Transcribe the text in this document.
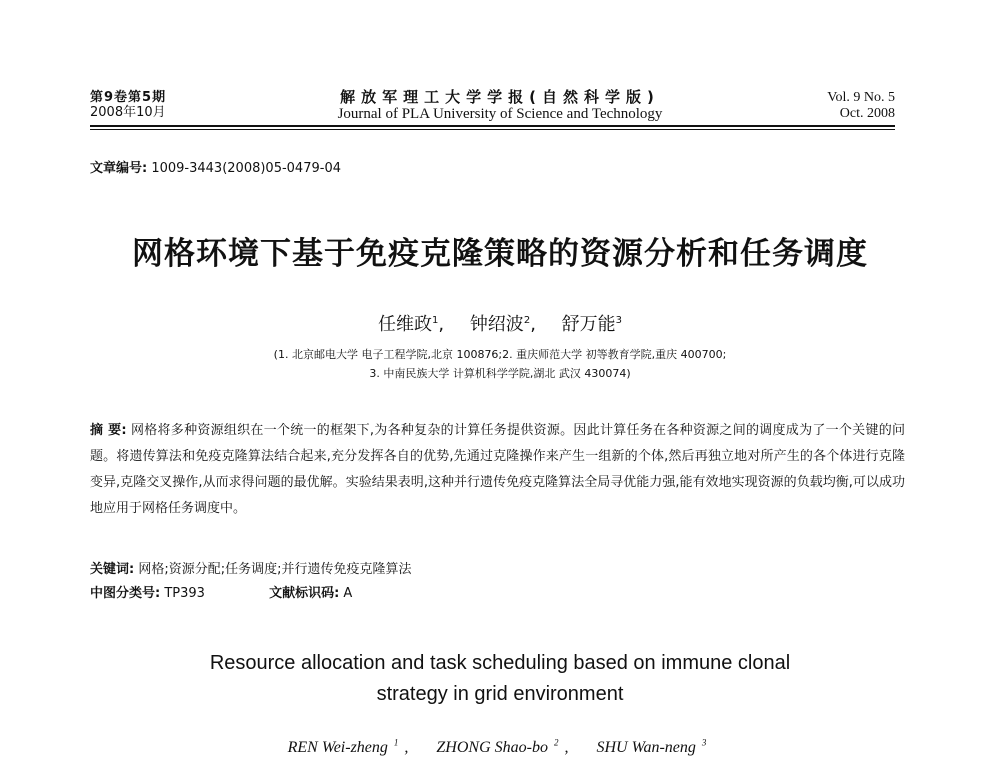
第9卷第5期
2008年10月
解放军理工大学学报(自然科学版)
Journal of PLA University of Science and Technology
Vol. 9 No. 5
Oct. 2008
文章编号: 1009-3443(2008)05-0479-04
网格环境下基于免疫克隆策略的资源分析和任务调度
任维政$^1$, 钟绍波$^2$, 舒万能$^3$
(1. 北京邮电大学 电子工程学院,北京 100876;2. 重庆师范大学 初等教育学院,重庆 400700;
3. 中南民族大学 计算机科学学院,湖北 武汉 430074)
摘 要: 网格将多种资源组织在一个统一的框架下,为各种复杂的计算任务提供资源。因此计算任务在各种资源之间的调度成为了一个关键的问题。将遗传算法和免疫克隆算法结合起来,充分发挥各自的优势,先通过克隆操作来产生一组新的个体,然后再独立地对所产生的各个体进行克隆变异,克隆交叉操作,从而求得问题的最优解。实验结果表明,这种并行遗传免疫克隆算法全局寻优能力强,能有效地实现资源的负载均衡,可以成功地应用于网格任务调度中。
关键词: 网格;资源分配;任务调度;并行遗传免疫克隆算法
中图分类号: TP393	文献标识码: A
Resource allocation and task scheduling based on immune clonal
strategy in grid environment
REN Wei-zheng $^1$ , ZHONG Shao-bo $^2$ , SHU Wan-neng $^3$
